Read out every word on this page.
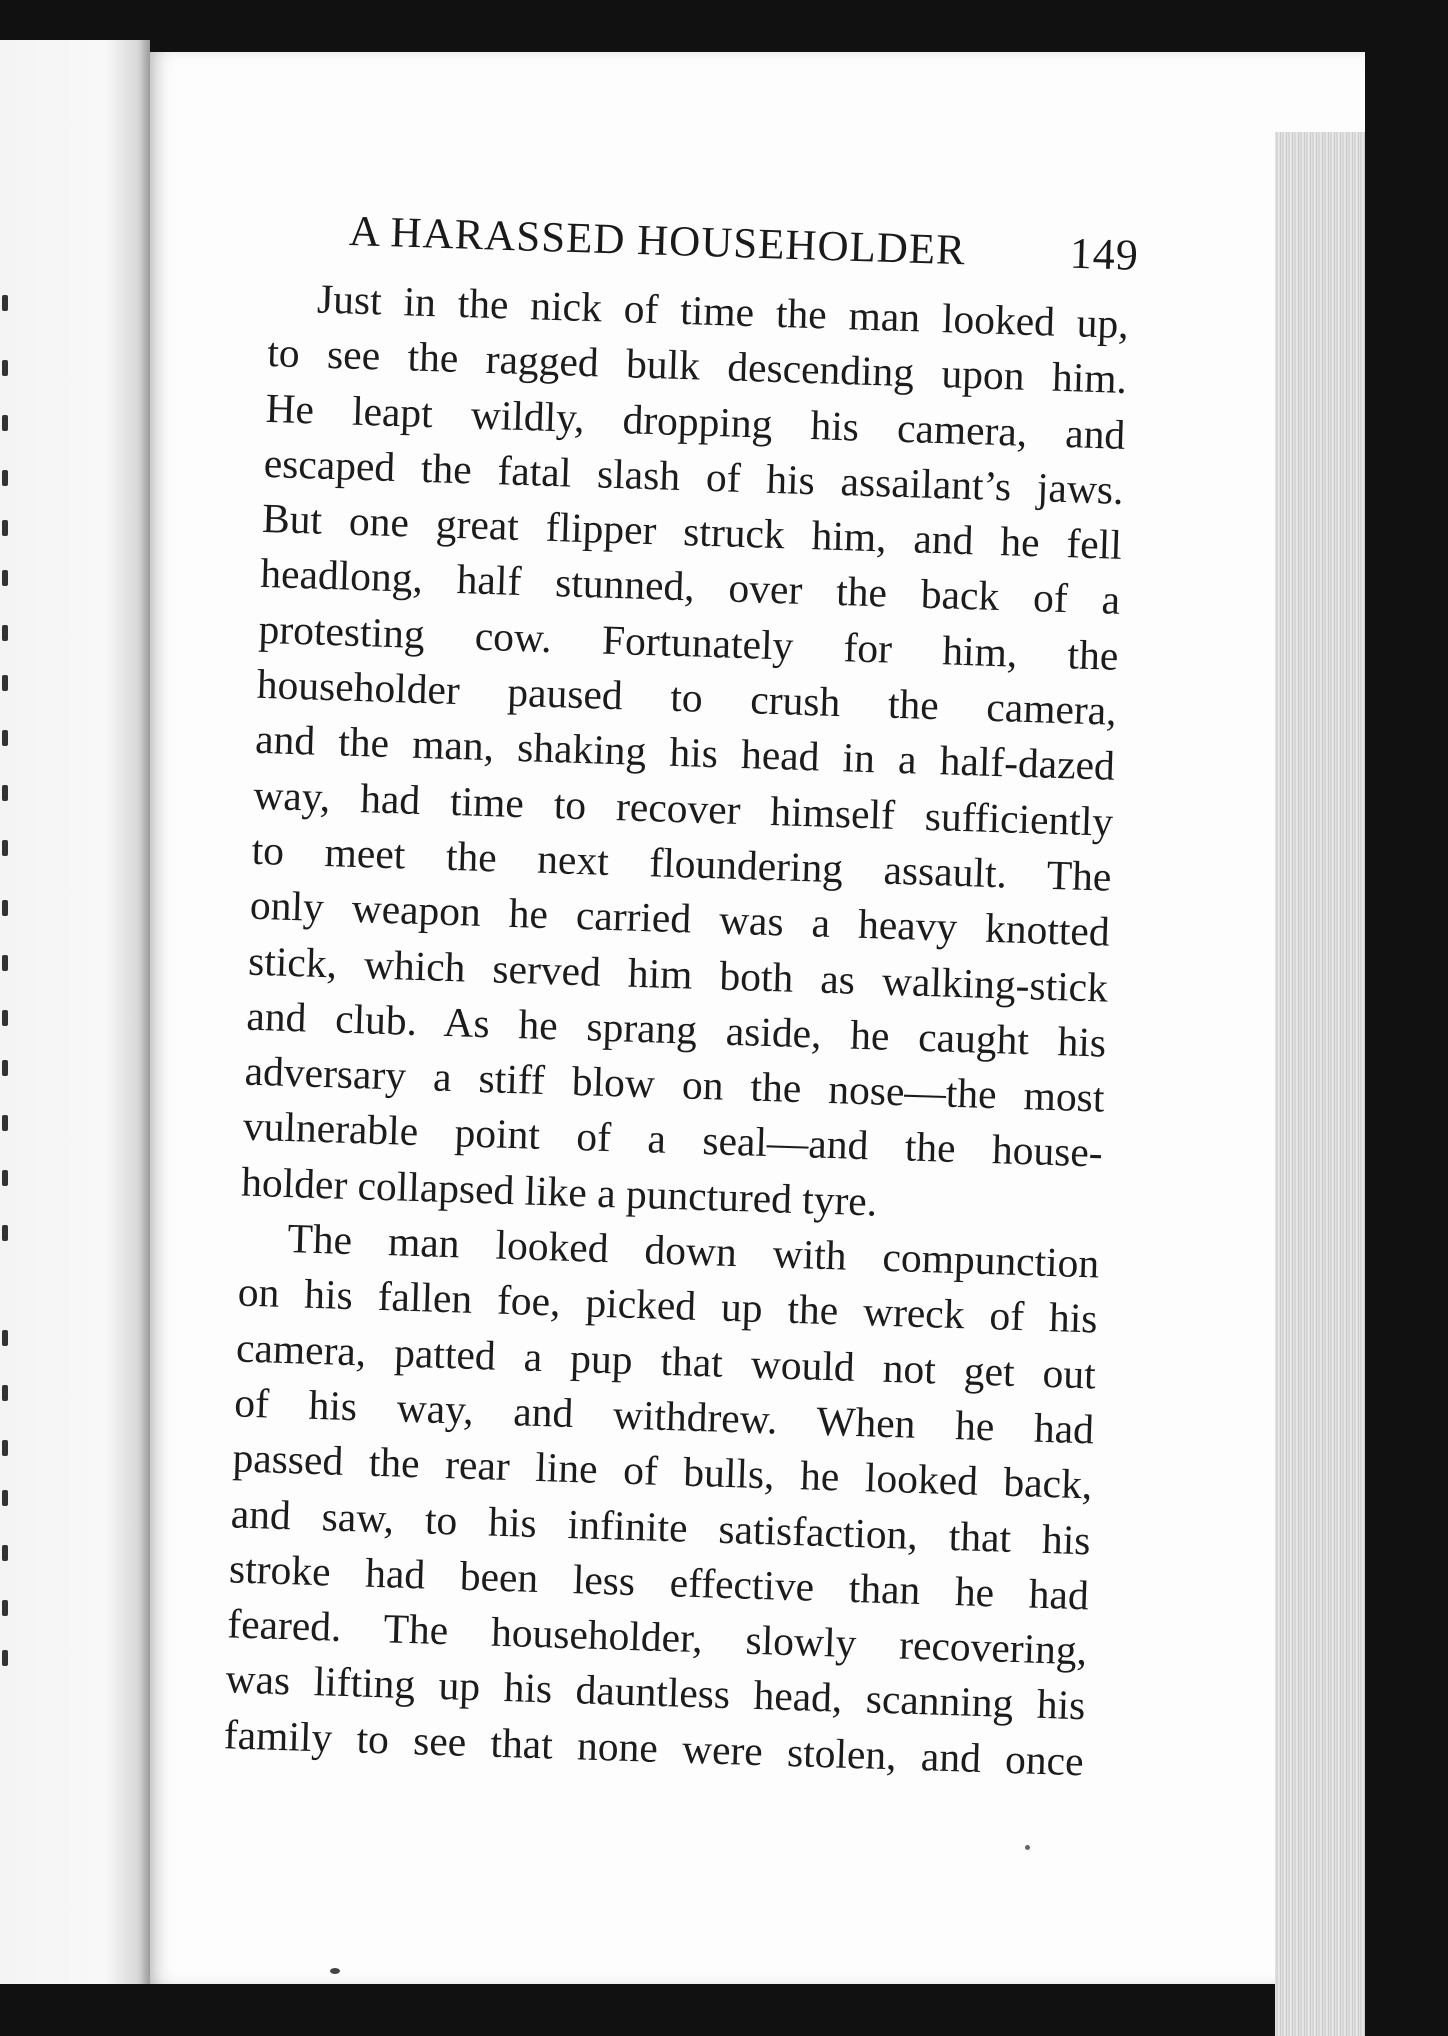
A HARASSED HOUSEHOLDER 149
Just in the nick of time the man looked up,
to see the ragged bulk descending upon him.
He leapt wildly, dropping his camera, and
escaped the fatal slash of his assailant’s jaws.
But one great flipper struck him, and he fell
headlong, half stunned, over the back of a
protesting cow. Fortunately for him, the
householder paused to crush the camera,
and the man, shaking his head in a half-dazed
way, had time to recover himself sufficiently
to meet the next floundering assault. The
only weapon he carried was a heavy knotted
stick, which served him both as walking-stick
and club. As he sprang aside, he caught his
adversary a stiff blow on the nose—the most
vulnerable point of a seal—and the house-
holder collapsed like a punctured tyre.
The man looked down with compunction
on his fallen foe, picked up the wreck of his
camera, patted a pup that would not get out
of his way, and withdrew. When he had
passed the rear line of bulls, he looked back,
and saw, to his infinite satisfaction, that his
stroke had been less effective than he had
feared. The householder, slowly recovering,
was lifting up his dauntless head, scanning his
family to see that none were stolen, and once
